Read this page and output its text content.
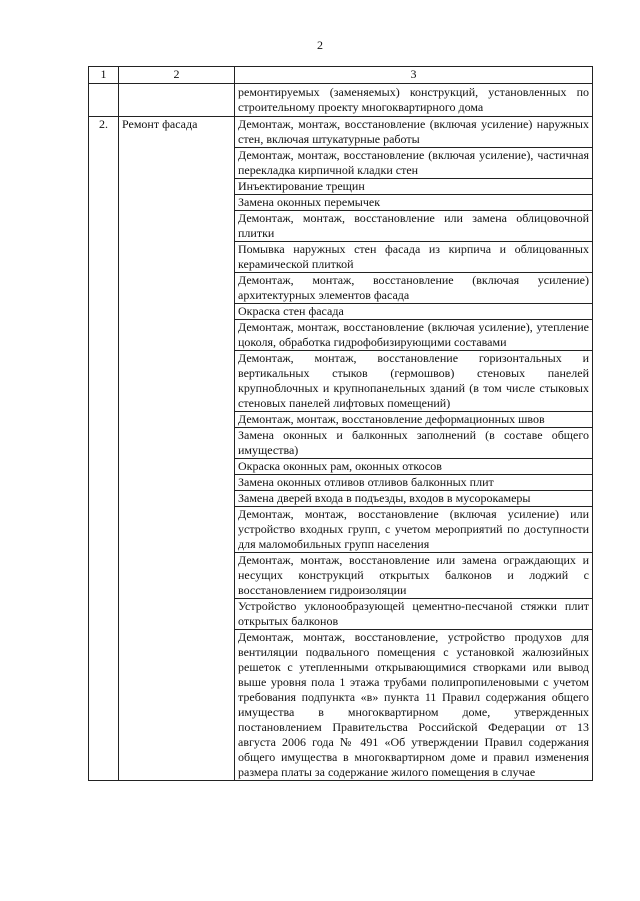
2
1	2	3

		ремонтируемых (заменяемых) конструкций, установленных по строительному проекту многоквартирного дома

2.	Ремонт фасада	Демонтаж, монтаж, восстановление (включая усиление) наружных стен, включая штукатурные работы
		Демонтаж, монтаж, восстановление (включая усиление), частичная перекладка кирпичной кладки стен
		Инъектирование трещин
		Замена оконных перемычек
		Демонтаж, монтаж, восстановление или замена облицовочной плитки
		Помывка наружных стен фасада из кирпича и облицованных керамической плиткой
		Демонтаж, монтаж, восстановление (включая усиление) архитектурных элементов фасада
		Окраска стен фасада
		Демонтаж, монтаж, восстановление (включая усиление), утепление цоколя, обработка гидрофобизирующими составами
		Демонтаж, монтаж, восстановление горизонтальных и вертикальных стыков (гермошвов) стеновых панелей крупноблочных и крупнопанельных зданий (в том числе стыковых стеновых панелей лифтовых помещений)
		Демонтаж, монтаж, восстановление деформационных швов
		Замена оконных и балконных заполнений (в составе общего имущества)
		Окраска оконных рам, оконных откосов
		Замена оконных отливов отливов балконных плит
		Замена дверей входа в подъезды, входов в мусорокамеры
		Демонтаж, монтаж, восстановление (включая усиление) или устройство входных групп, с учетом мероприятий по доступности для маломобильных групп населения
		Демонтаж, монтаж, восстановление или замена ограждающих и несущих конструкций открытых балконов и лоджий с восстановлением гидроизоляции
		Устройство уклонообразующей цементно-песчаной стяжки плит открытых балконов
		Демонтаж, монтаж, восстановление, устройство продухов для вентиляции подвального помещения с установкой жалюзийных решеток с утепленными открывающимися створками или вывод выше уровня пола 1 этажа трубами полипропиленовыми с учетом требования подпункта «в» пункта 11 Правил содержания общего имущества в многоквартирном доме, утвержденных постановлением Правительства Российской Федерации от 13 августа 2006 года № 491 «Об утверждении Правил содержания общего имущества в многоквартирном доме и правил изменения размера платы за содержание жилого помещения в случае
